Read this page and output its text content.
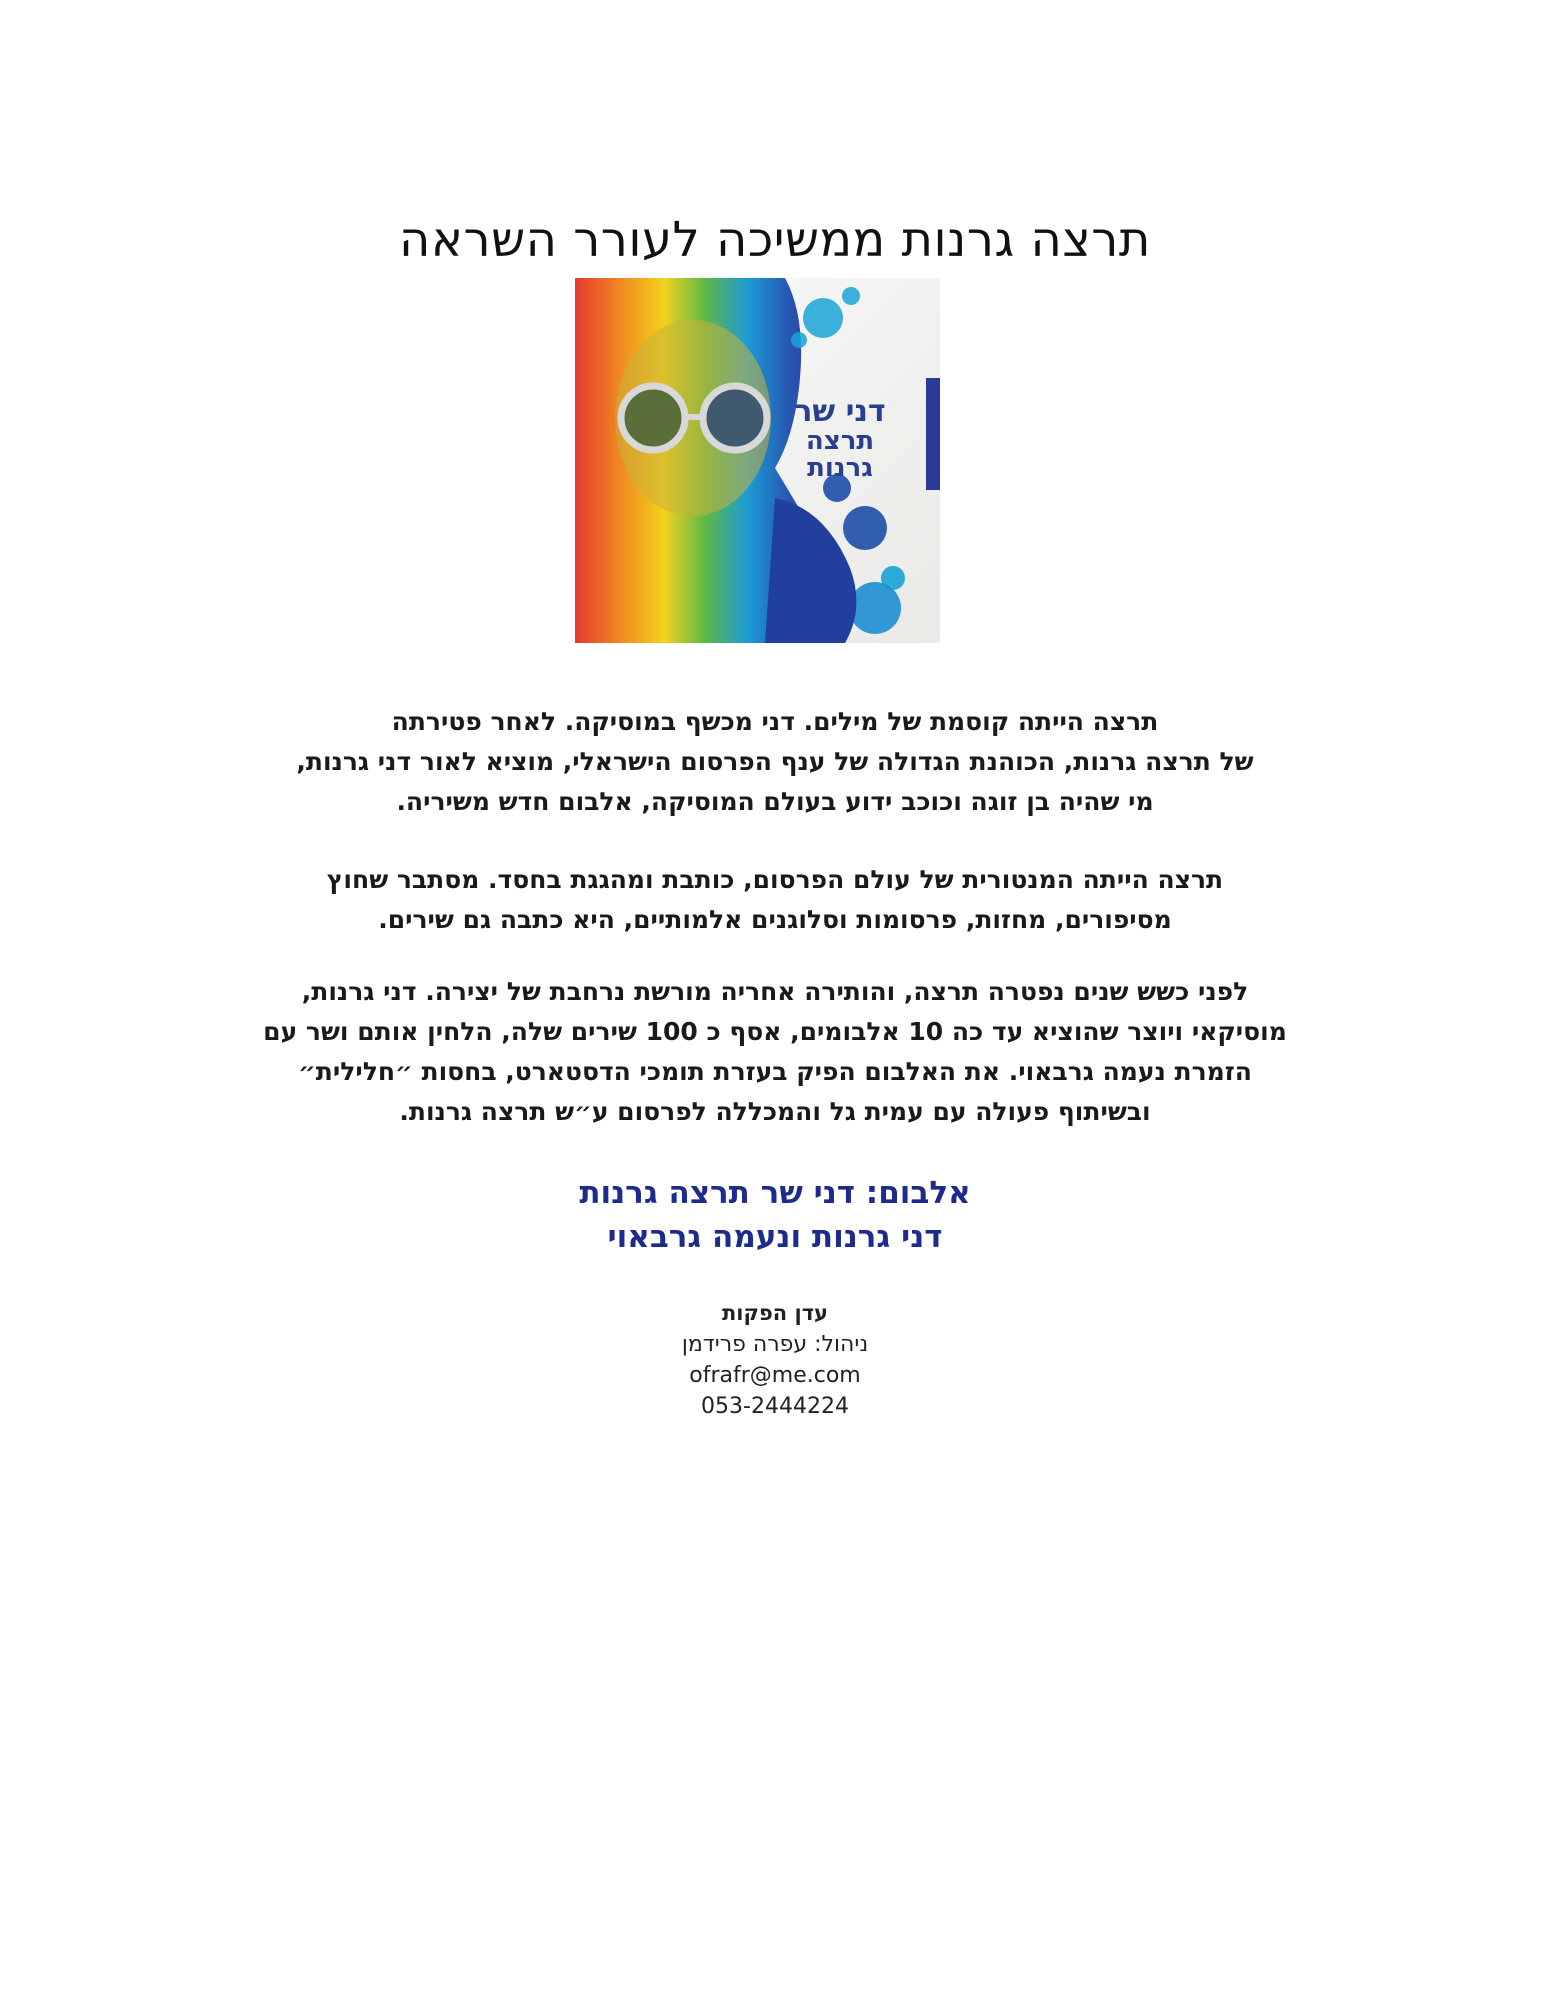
תרצה גרנות ממשיכה לעורר השראה
דני שר
תרצה
גרנות
תרצה הייתה קוסמת של מילים. דני מכשף במוסיקה. לאחר פטירתה
של תרצה גרנות, הכוהנת הגדולה של ענף הפרסום הישראלי, מוציא לאור דני גרנות,
מי שהיה בן זוגה וכוכב ידוע בעולם המוסיקה, אלבום חדש משיריה.
תרצה הייתה המנטורית של עולם הפרסום, כותבת ומהגגת בחסד. מסתבר שחוץ
מסיפורים, מחזות, פרסומות וסלוגנים אלמותיים, היא כתבה גם שירים.
לפני כשש שנים נפטרה תרצה, והותירה אחריה מורשת נרחבת של יצירה. דני גרנות,
מוסיקאי ויוצר שהוציא עד כה 10 אלבומים, אסף כ 100 שירים שלה, הלחין אותם ושר עם
הזמרת נעמה גרבאוי. את האלבום הפיק בעזרת תומכי הדסטארט, בחסות ״חלילית״
ובשיתוף פעולה עם עמית גל והמכללה לפרסום ע״ש תרצה גרנות.
אלבום: דני שר תרצה גרנות
דני גרנות ונעמה גרבאוי
עדן הפקות
ניהול: עפרה פרידמן
ofrafr@me.com
053-2444224
